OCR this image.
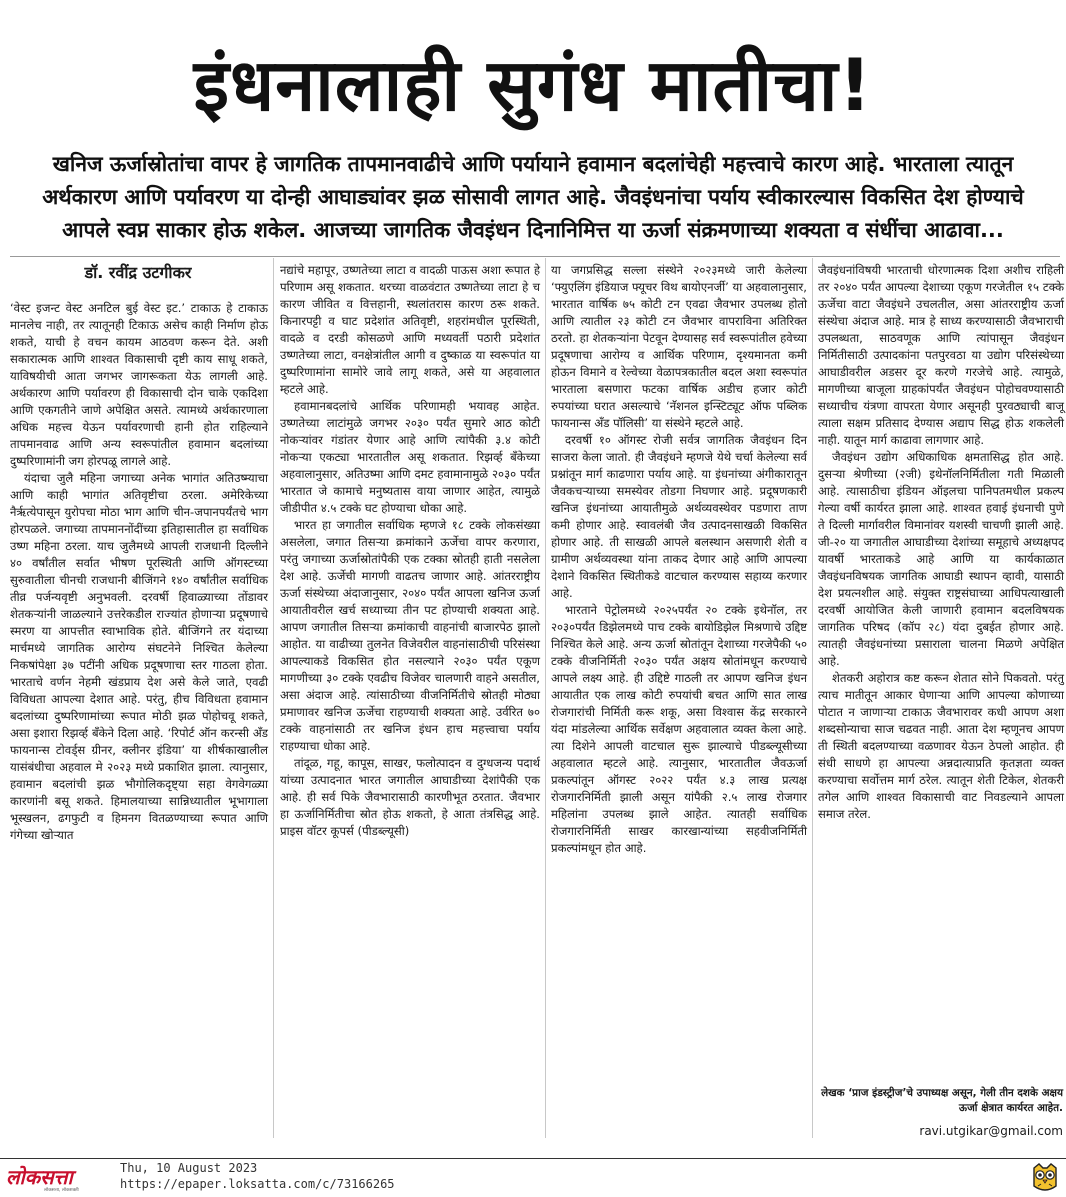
इंधनालाही सुगंध मातीचा!
खनिज ऊर्जास्रोतांचा वापर हे जागतिक तापमानवाढीचे आणि पर्यायाने हवामान बदलांचेही महत्त्वाचे कारण आहे. भारताला त्यातून अर्थकारण आणि पर्यावरण या दोन्ही आघाड्यांवर झळ सोसावी लागत आहे. जैवइंधनांचा पर्याय स्वीकारल्यास विकसित देश होण्याचे आपले स्वप्न साकार होऊ शकेल. आजच्या जागतिक जैवइंधन दिनानिमित्त या ऊर्जा संक्रमणाच्या शक्यता व संधींचा आढावा...
डॉ. रवींद्र उटगीकर

‘वेस्ट इजन्ट वेस्ट अनटिल बुई वेस्ट इट.’ टाकाऊ हे टाकाऊ मानलेच नाही, तर त्यातूनही टिकाऊ असेच काही निर्माण होऊ शकते, याची हे वचन कायम आठवण करून देते. अशी सकारात्मक आणि शाश्वत विकासाची दृष्टी काय साधू शकते, याविषयीची आता जगभर जागरूकता येऊ लागली आहे. अर्थकारण आणि पर्यावरण ही विकासाची दोन चाके एकदिशा आणि एकगतीने जाणे अपेक्षित असते. त्यामध्ये अर्थकारणाला अधिक महत्त्व येऊन पर्यावरणाची हानी होत राहिल्याने तापमानवाढ आणि अन्य स्वरूपांतील हवामान बदलांच्या दुष्परिणामांनी जग होरपळू लागले आहे.

यंदाचा जुलै महिना जगाच्या अनेक भागांत अतिउष्म्याचा आणि काही भागांत अतिवृष्टीचा ठरला. अमेरिकेच्या नैर्ऋत्येपासून युरोपचा मोठा भाग आणि चीन-जपानपर्यंतचे भाग होरपळले. जगाच्या तापमाननोंदींच्या इतिहासातील हा सर्वाधिक उष्ण महिना ठरला. याच जुलैमध्ये आपली राजधानी दिल्लीने ४० वर्षांतील सर्वात भीषण पूरस्थिती आणि ऑगस्टच्या सुरुवातीला चीनची राजधानी बीजिंगने १४० वर्षांतील सर्वाधिक तीव्र पर्जन्यवृष्टी अनुभवली. दरवर्षी हिवाळ्याच्या तोंडावर शेतकऱ्यांनी जाळल्याने उत्तरेकडील राज्यांत होणाऱ्या प्रदूषणाचे स्मरण या आपत्तीत स्वाभाविक होते. बीजिंगने तर यंदाच्या मार्चमध्ये जागतिक आरोग्य संघटनेने निश्चित केलेल्या निकषांपेक्षा ३७ पटींनी अधिक प्रदूषणाचा स्तर गाठला होता. भारताचे वर्णन नेहमी खंडप्राय देश असे केले जाते, एवढी विविधता आपल्या देशात आहे. परंतु, हीच विविधता हवामान बदलांच्या दुष्परिणामांच्या रूपात मोठी झळ पोहोचवू शकते, असा इशारा रिझर्व्ह बँकेने दिला आहे. ‘रिपोर्ट ऑन करन्सी अँड फायनान्स टोवर्ड्स ग्रीनर, क्लीनर इंडिया’ या शीर्षकाखालील यासंबंधीचा अहवाल मे २०२३ मध्ये प्रकाशित झाला. त्यानुसार, हवामान बदलांची झळ भौगोलिकदृष्ट्या सहा वेगवेगळ्या कारणांनी बसू शकते. हिमालयाच्या सान्निध्यातील भूभागाला भूस्खलन, ढगफुटी व हिमनग वितळण्याच्या रूपात आणि गंगेच्या खोऱ्यात

नद्यांचे महापूर, उष्णतेच्या लाटा व वादळी पाऊस अशा रूपात हे परिणाम असू शकतात. थरच्या वाळवंटात उष्णतेच्या लाटा हे च कारण जीवित व वित्तहानी, स्थलांतरास कारण ठरू शकते. किनारपट्टी व घाट प्रदेशांत अतिवृष्टी, शहरांमधील पूरस्थिती, वादळे व दरडी कोसळणे आणि मध्यवर्ती पठारी प्रदेशांत उष्णतेच्या लाटा, वनक्षेत्रांतील आगी व दुष्काळ या स्वरूपांत या दुष्परिणामांना सामोरे जावे लागू शकते, असे या अहवालात म्हटले आहे.

हवामानबदलांचे आर्थिक परिणामही भयावह आहेत. उष्णतेच्या लाटांमुळे जगभर २०३० पर्यंत सुमारे आठ कोटी नोकऱ्यांवर गंडांतर येणार आहे आणि त्यांपैकी ३.४ कोटी नोकऱ्या एकट्या भारतातील असू शकतात. रिझर्व्ह बँकेच्या अहवालानुसार, अतिउष्मा आणि दमट हवामानामुळे २०३० पर्यंत भारतात जे कामाचे मनुष्यतास वाया जाणार आहेत, त्यामुळे जीडीपीत ४.५ टक्के घट होण्याचा धोका आहे.

भारत हा जगातील सर्वाधिक म्हणजे १८ टक्के लोकसंख्या असलेला, जगात तिसऱ्या क्रमांकाने ऊर्जेचा वापर करणारा, परंतु जगाच्या ऊर्जास्रोतांपैकी एक टक्का स्रोतही हाती नसलेला देश आहे. ऊर्जेची मागणी वाढतच जाणार आहे. आंतरराष्ट्रीय ऊर्जा संस्थेच्या अंदाजानुसार, २०४० पर्यंत आपला खनिज ऊर्जा आयातीवरील खर्च सध्याच्या तीन पट होण्याची शक्यता आहे. आपण जगातील तिसऱ्या क्रमांकाची वाहनांची बाजारपेठ झालो आहोत. या वाढीच्या तुलनेत विजेवरील वाहनांसाठीची परिसंस्था आपल्याकडे विकसित होत नसल्याने २०३० पर्यंत एकूण मागणीच्या ३० टक्के एवढीच विजेवर चालणारी वाहने असतील, असा अंदाज आहे. त्यांसाठीच्या वीजनिर्मितीचे स्रोतही मोठ्या प्रमाणावर खनिज ऊर्जेचा राहण्याची शक्यता आहे. उर्वरित ७० टक्के वाहनांसाठी तर खनिज इंधन हाच महत्त्वाचा पर्याय राहण्याचा धोका आहे.

तांदूळ, गहू, कापूस, साखर, फलोत्पादन व दुग्धजन्य पदार्थ यांच्या उत्पादनात भारत जगातील आघाडीच्या देशांपैकी एक आहे. ही सर्व पिके जैवभारासाठी कारणीभूत ठरतात. जैवभार हा ऊर्जानिर्मितीचा स्रोत होऊ शकतो, हे आता तंत्रसिद्ध आहे. प्राइस वॉटर कूपर्स (पीडब्ल्यूसी)

या जगप्रसिद्ध सल्ला संस्थेने २०२३मध्ये जारी केलेल्या ‘फ्युएलिंग इंडियाज फ्यूचर विथ बायोएनर्जी’ या अहवालानुसार, भारतात वार्षिक ७५ कोटी टन एवढा जैवभार उपलब्ध होतो आणि त्यातील २३ कोटी टन जैवभार वापराविना अतिरिक्त ठरतो. हा शेतकऱ्यांना पेटवून देण्यासह सर्व स्वरूपांतील हवेच्या प्रदूषणाचा आरोग्य व आर्थिक परिणाम, दृश्यमानता कमी होऊन विमाने व रेल्वेच्या वेळापत्रकातील बदल अशा स्वरूपांत भारताला बसणारा फटका वार्षिक अडीच हजार कोटी रुपयांच्या घरात असल्याचे ‘नॅशनल इन्स्टिट्यूट ऑफ पब्लिक फायनान्स अँड पॉलिसी’ या संस्थेने म्हटले आहे.

दरवर्षी १० ऑगस्ट रोजी सर्वत्र जागतिक जैवइंधन दिन साजरा केला जातो. ही जैवइंधने म्हणजे येथे चर्चा केलेल्या सर्व प्रश्नांतून मार्ग काढणारा पर्याय आहे. या इंधनांच्या अंगीकारातून जैवकचऱ्याच्या समस्येवर तोडगा निघणार आहे. प्रदूषणकारी खनिज इंधनांच्या आयातीमुळे अर्थव्यवस्थेवर पडणारा ताण कमी होणार आहे. स्वावलंबी जैव उत्पादनसाखळी विकसित होणार आहे. ती साखळी आपले बलस्थान असणारी शेती व ग्रामीण अर्थव्यवस्था यांना ताकद देणार आहे आणि आपल्या देशाने विकसित स्थितीकडे वाटचाल करण्यास सहाय्य करणार आहे.

भारताने पेट्रोलमध्ये २०२५पर्यंत २० टक्के इथेनॉल, तर २०३०पर्यंत डिझेलमध्ये पाच टक्के बायोडिझेल मिश्रणाचे उद्दिष्ट निश्चित केले आहे. अन्य ऊर्जा स्रोतांतून देशाच्या गरजेपैकी ५० टक्के वीजनिर्मिती २०३० पर्यंत अक्षय स्रोतांमधून करण्याचे आपले लक्ष्य आहे. ही उद्दिष्टे गाठली तर आपण खनिज इंधन आयातीत एक लाख कोटी रुपयांची बचत आणि सात लाख रोजगारांची निर्मिती करू शकू, असा विश्वास केंद्र सरकारने यंदा मांडलेल्या आर्थिक सर्वेक्षण अहवालात व्यक्त केला आहे. त्या दिशेने आपली वाटचाल सुरू झाल्याचे पीडब्ल्यूसीच्या अहवालात म्हटले आहे. त्यानुसार, भारतातील जैवऊर्जा प्रकल्पांतून ऑगस्ट २०२२ पर्यंत ४.३ लाख प्रत्यक्ष रोजगारनिर्मिती झाली असून यांपैकी २.५ लाख रोजगार महिलांना उपलब्ध झाले आहेत. त्यातही सर्वाधिक रोजगारनिर्मिती साखर कारखान्यांच्या सहवीजनिर्मिती प्रकल्पांमधून होत आहे.

जैवइंधनांविषयी भारताची धोरणात्मक दिशा अशीच राहिली तर २०४० पर्यंत आपल्या देशाच्या एकूण गरजेतील १५ टक्के ऊर्जेचा वाटा जैवइंधने उचलतील, असा आंतरराष्ट्रीय ऊर्जा संस्थेचा अंदाज आहे. मात्र हे साध्य करण्यासाठी जैवभाराची उपलब्धता, साठवणूक आणि त्यांपासून जैवइंधन निर्मितीसाठी उत्पादकांना पतपुरवठा या उद्योग परिसंस्थेच्या आघाडीवरील अडसर दूर करणे गरजेचे आहे. त्यामुळे, मागणीच्या बाजूला ग्राहकांपर्यंत जैवइंधन पोहोचवण्यासाठी सध्याचीच यंत्रणा वापरता येणार असूनही पुरवठ्याची बाजू त्याला सक्षम प्रतिसाद देण्यास अद्याप सिद्ध होऊ शकलेली नाही. यातून मार्ग काढावा लागणार आहे.

जैवइंधन उद्योग अधिकाधिक क्षमतासिद्ध होत आहे. दुसऱ्या श्रेणीच्या (२जी) इथेनॉलनिर्मितीला गती मिळाली आहे. त्यासाठीचा इंडियन ऑइलचा पानिपतमधील प्रकल्प गेल्या वर्षी कार्यरत झाला आहे. शाश्वत हवाई इंधनाची पुणे ते दिल्ली मार्गावरील विमानांवर यशस्वी चाचणी झाली आहे. जी-२० या जगातील आघाडीच्या देशांच्या समूहाचे अध्यक्षपद यावर्षी भारताकडे आहे आणि या कार्यकाळात जैवइंधनविषयक जागतिक आघाडी स्थापन व्हावी, यासाठी देश प्रयत्नशील आहे. संयुक्त राष्ट्रसंघाच्या आधिपत्याखाली दरवर्षी आयोजित केली जाणारी हवामान बदलविषयक जागतिक परिषद (कॉप २८) यंदा दुबईत होणार आहे. त्यातही जैवइंधनांच्या प्रसाराला चालना मिळणे अपेक्षित आहे.

शेतकरी अहोरात्र कष्ट करून शेतात सोने पिकवतो. परंतु त्याच मातीतून आकार घेणाऱ्या आणि आपल्या कोणाच्या पोटात न जाणाऱ्या टाकाऊ जैवभारावर कधी आपण अशा शब्दसोन्याचा साज चढवत नाही. आता देश म्हणूनच आपण ती स्थिती बदलण्याच्या वळणावर येऊन ठेपलो आहोत. ही संधी साधणे हा आपल्या अन्नदात्याप्रति कृतज्ञता व्यक्त करण्याचा सर्वोत्तम मार्ग ठरेल. त्यातून शेती टिकेल, शेतकरी तगेल आणि शाश्वत विकासाची वाट निवडल्याने आपला समाज तरेल.

लेखक ‘प्राज इंडस्ट्रीज’चे उपाध्यक्ष असून, गेली तीन दशके अक्षय ऊर्जा क्षेत्रात कार्यरत आहेत.
ravi.utgikar@gmail.com
लोकसत्ता
लोकसत्ता, लोकशक्ती
Thu, 10 August 2023
https://epaper.loksatta.com/c/73166265
